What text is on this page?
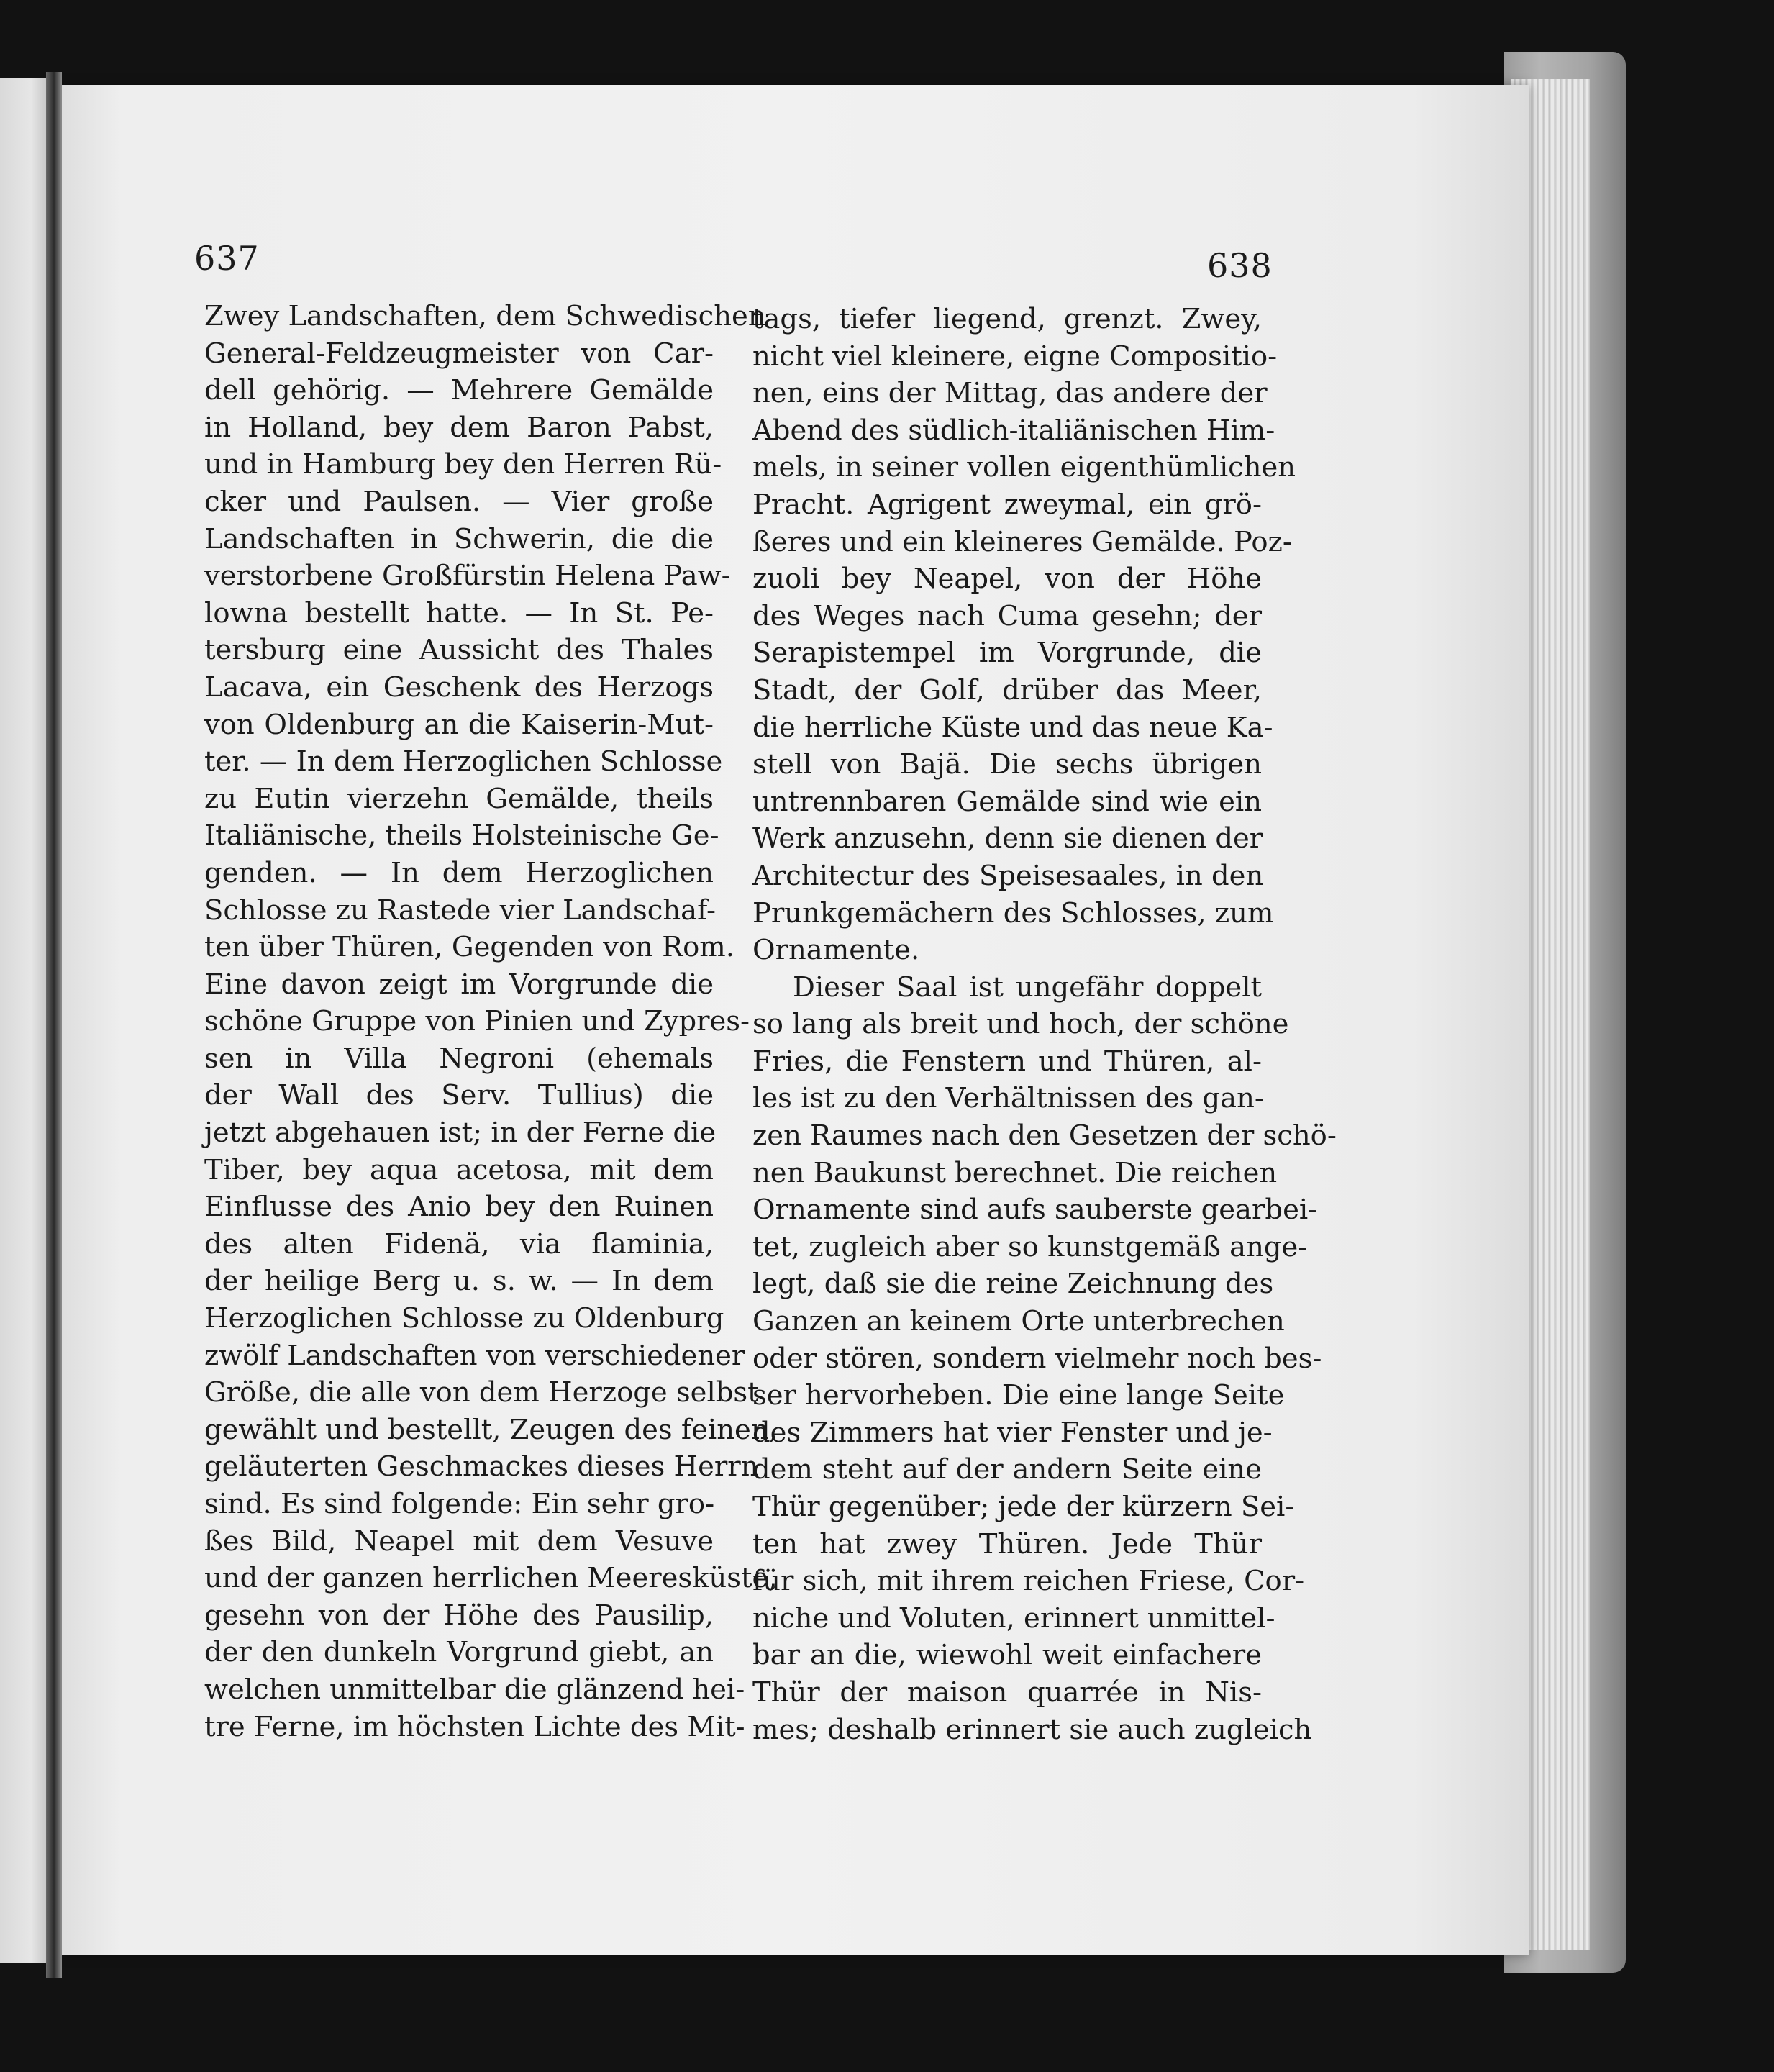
637	638
Zwey Landschaften, dem Schwedischen
General-Feldzeugmeister von Car-
dell gehörig. — Mehrere Gemälde
in Holland, bey dem Baron Pabst,
und in Hamburg bey den Herren Rü-
cker und Paulsen. — Vier große
Landschaften in Schwerin, die die
verstorbene Großfürstin Helena Paw-
lowna bestellt hatte. — In St. Pe-
tersburg eine Aussicht des Thales
Lacava, ein Geschenk des Herzogs
von Oldenburg an die Kaiserin-Mut-
ter. — In dem Herzoglichen Schlosse
zu Eutin vierzehn Gemälde, theils
Italiänische, theils Holsteinische Ge-
genden. — In dem Herzoglichen
Schlosse zu Rastede vier Landschaf-
ten über Thüren, Gegenden von Rom.
Eine davon zeigt im Vorgrunde die
schöne Gruppe von Pinien und Zypres-
sen in Villa Negroni (ehemals
der Wall des Serv. Tullius) die
jetzt abgehauen ist; in der Ferne die
Tiber, bey aqua acetosa, mit dem
Einflusse des Anio bey den Ruinen
des alten Fidenä, via flaminia,
der heilige Berg u. s. w. — In dem
Herzoglichen Schlosse zu Oldenburg
zwölf Landschaften von verschiedener
Größe, die alle von dem Herzoge selbst
gewählt und bestellt, Zeugen des feinen,
geläuterten Geschmackes dieses Herrn
sind. Es sind folgende: Ein sehr gro-
ßes Bild, Neapel mit dem Vesuve
und der ganzen herrlichen Meeresküste,
gesehn von der Höhe des Pausilip,
der den dunkeln Vorgrund giebt, an
welchen unmittelbar die glänzend hei-
tre Ferne, im höchsten Lichte des Mit-
tags, tiefer liegend, grenzt. Zwey,
nicht viel kleinere, eigne Compositio-
nen, eins der Mittag, das andere der
Abend des südlich-italiänischen Him-
mels, in seiner vollen eigenthümlichen
Pracht. Agrigent zweymal, ein grö-
ßeres und ein kleineres Gemälde. Poz-
zuoli bey Neapel, von der Höhe
des Weges nach Cuma gesehn; der
Serapistempel im Vorgrunde, die
Stadt, der Golf, drüber das Meer,
die herrliche Küste und das neue Ka-
stell von Bajä. Die sechs übrigen
untrennbaren Gemälde sind wie ein
Werk anzusehn, denn sie dienen der
Architectur des Speisesaales, in den
Prunkgemächern des Schlosses, zum
Ornamente.
Dieser Saal ist ungefähr doppelt
so lang als breit und hoch, der schöne
Fries, die Fenstern und Thüren, al-
les ist zu den Verhältnissen des gan-
zen Raumes nach den Gesetzen der schö-
nen Baukunst berechnet. Die reichen
Ornamente sind aufs sauberste gearbei-
tet, zugleich aber so kunstgemäß ange-
legt, daß sie die reine Zeichnung des
Ganzen an keinem Orte unterbrechen
oder stören, sondern vielmehr noch bes-
ser hervorheben. Die eine lange Seite
des Zimmers hat vier Fenster und je-
dem steht auf der andern Seite eine
Thür gegenüber; jede der kürzern Sei-
ten hat zwey Thüren. Jede Thür
für sich, mit ihrem reichen Friese, Cor-
niche und Voluten, erinnert unmittel-
bar an die, wiewohl weit einfachere
Thür der maison quarrée in Nis-
mes; deshalb erinnert sie auch zugleich
